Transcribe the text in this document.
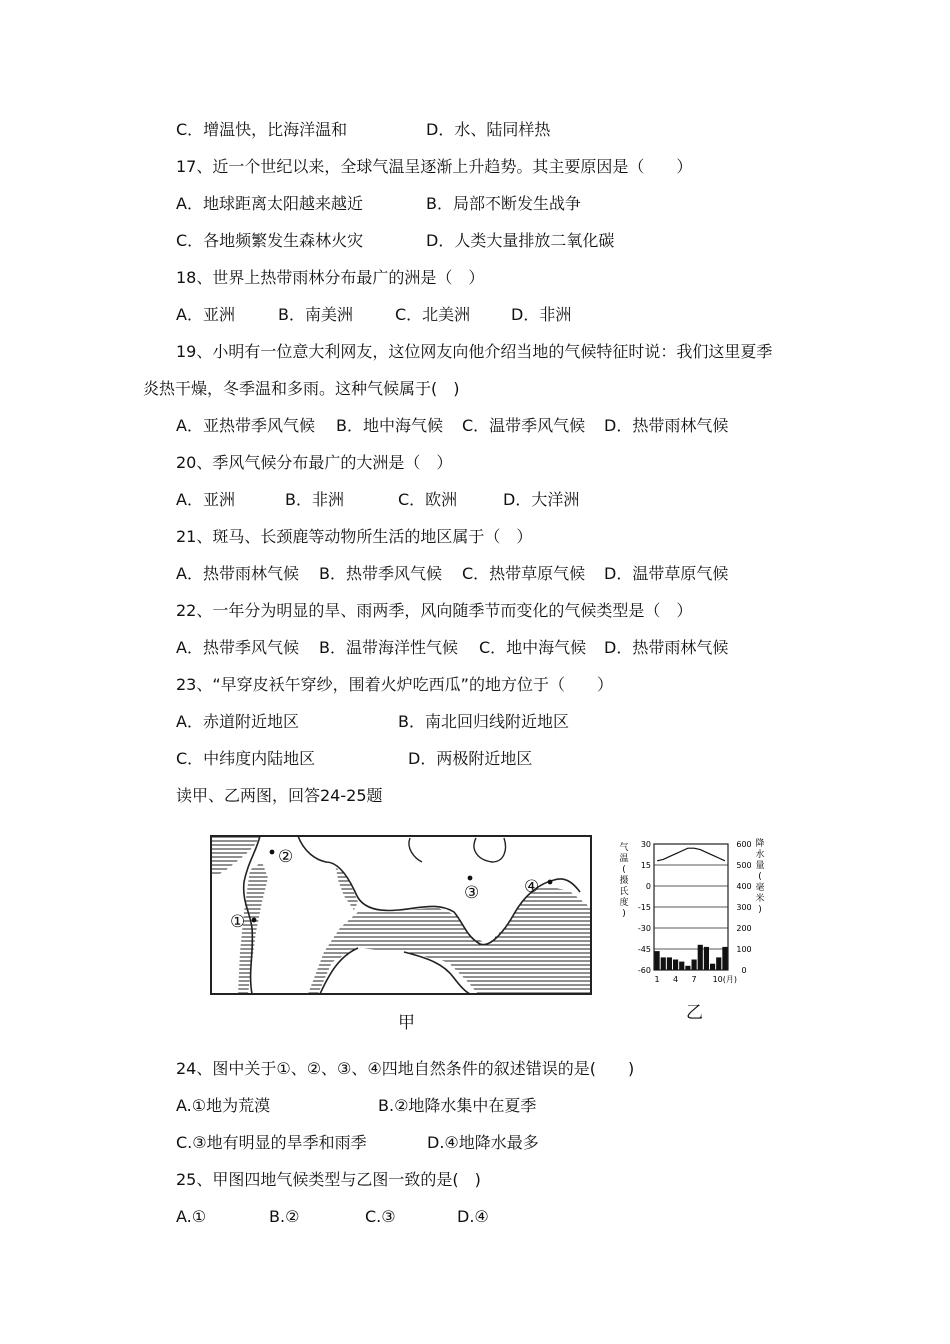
C．增温快，比海洋温和	D．水、陆同样热
17、近一个世纪以来，全球气温呈逐渐上升趋势。其主要原因是（　　）
A．地球距离太阳越来越近	B．局部不断发生战争
C．各地频繁发生森林火灾	D．人类大量排放二氧化碳
18、世界上热带雨林分布最广的洲是（　）
A．亚洲	B．南美洲	C．北美洲	D．非洲
19、小明有一位意大利网友，这位网友向他介绍当地的气候特征时说：我们这里夏季
炎热干燥，冬季温和多雨。这种气候属于(　)
A．亚热带季风气候 B．地中海气候 C．温带季风气候 D．热带雨林气候
20、季风气候分布最广的大洲是（　）
A．亚洲	B．非洲	C．欧洲	D．大洋洲
21、斑马、长颈鹿等动物所生活的地区属于（　）
A．热带雨林气候 B．热带季风气候 C．热带草原气候 D．温带草原气候
22、一年分为明显的旱、雨两季，风向随季节而变化的气候类型是（　）
A．热带季风气候 B．温带海洋性气候 C．地中海气候 D．热带雨林气候
23、“早穿皮袄午穿纱，围着火炉吃西瓜”的地方位于（　　）
A．赤道附近地区	B．南北回归线附近地区
C．中纬度内陆地区	D．两极附近地区
读甲、乙两图，回答24-25题
①
②
③	④
甲
30	600
15	500
0	400
-15	300
-30	200
-45	100
-60	0
1 4 7 10(月)
气
温
(
摄
氏
度
)
降
水
量
(
毫
米
)
乙
24、图中关于①、②、③、④四地自然条件的叙述错误的是(　　)
A.①地为荒漠	B.②地降水集中在夏季
C.③地有明显的旱季和雨季	D.④地降水最多
25、甲图四地气候类型与乙图一致的是(　)
A.①	B.②	C.③	D.④
